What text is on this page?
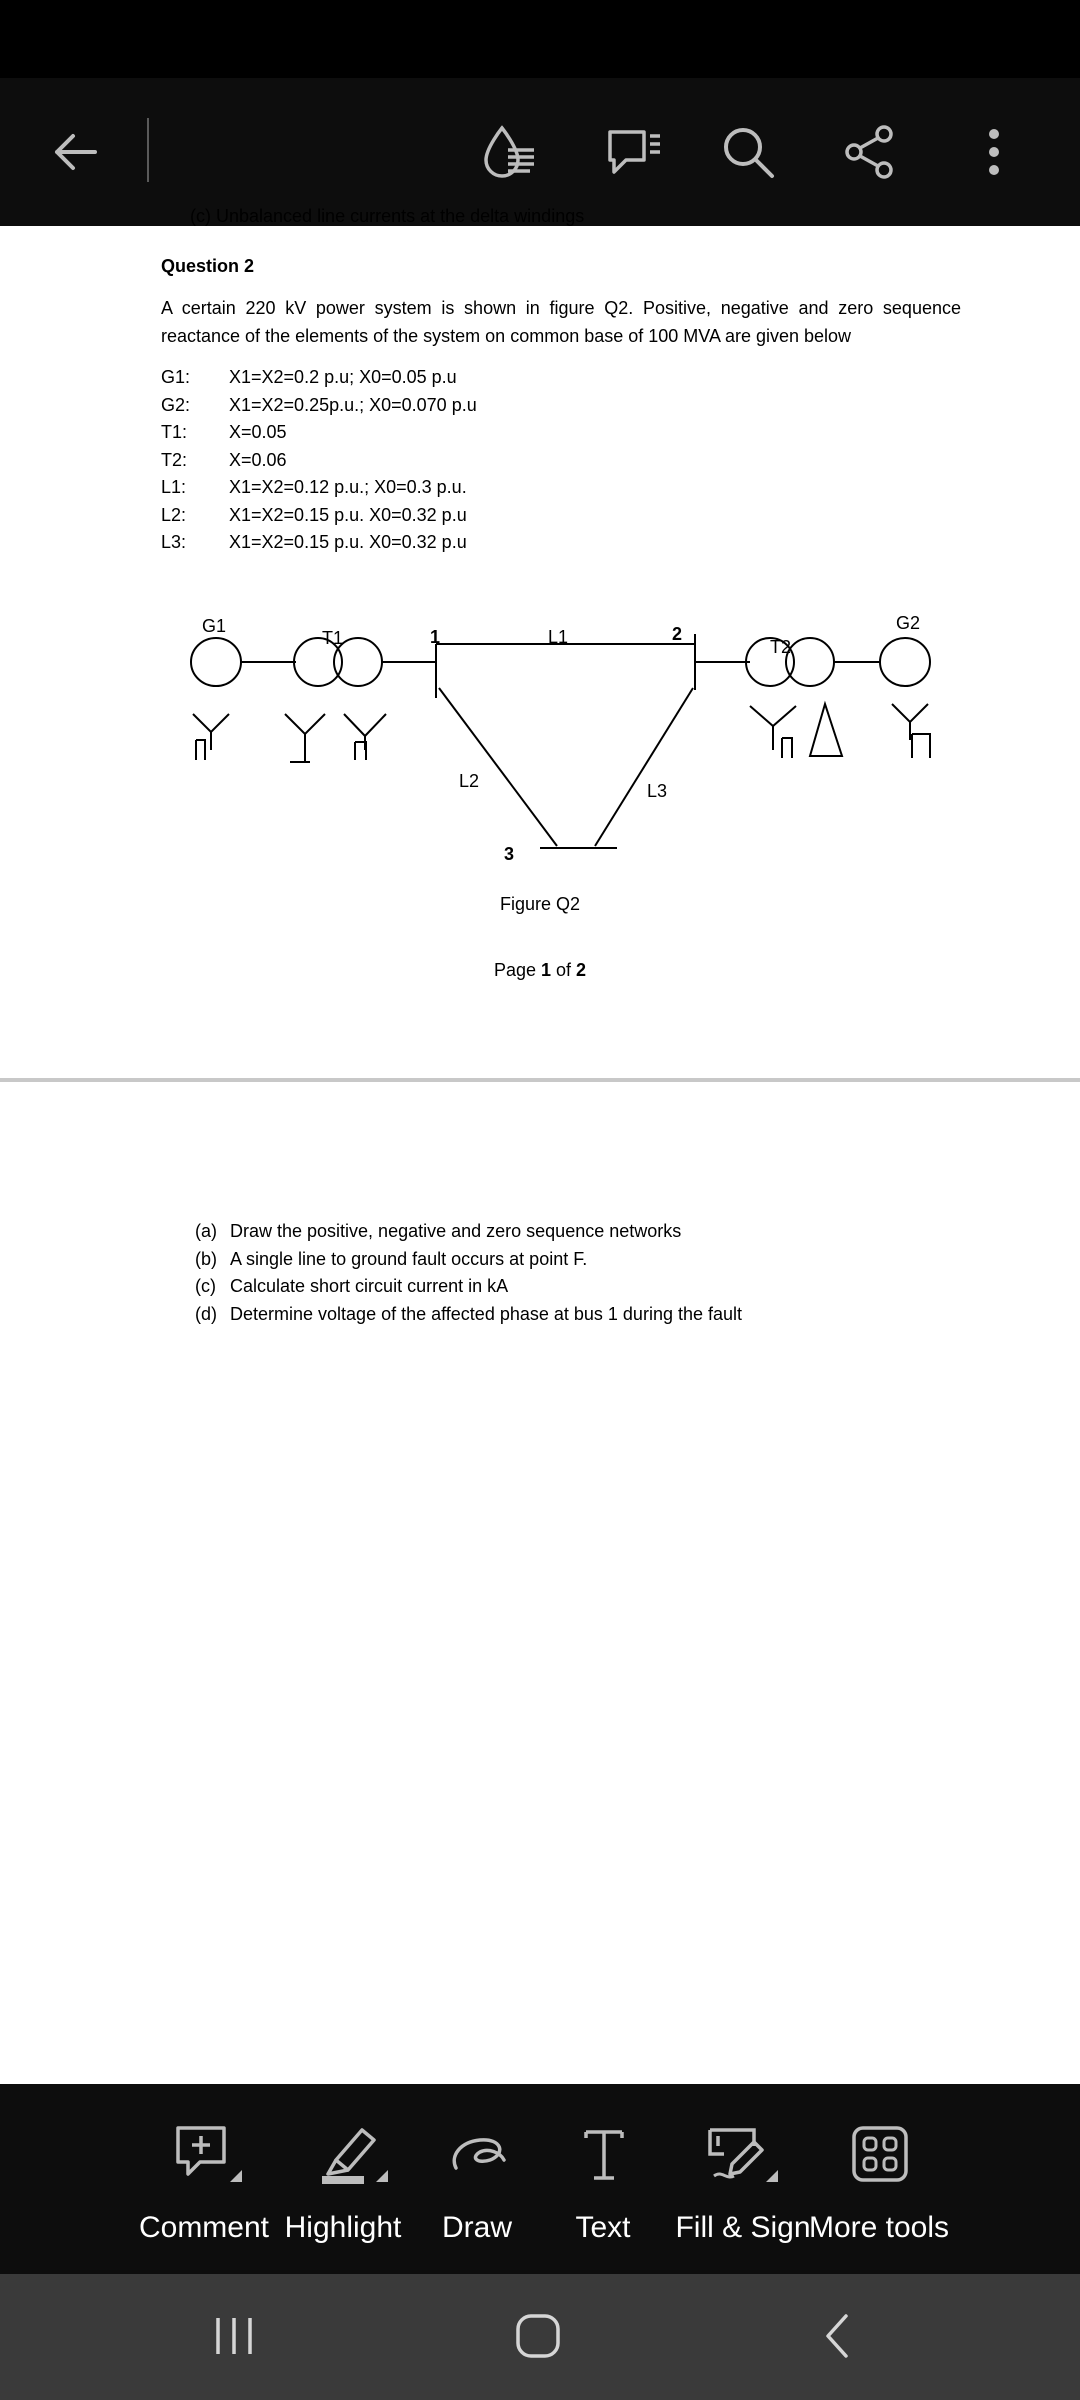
(c) Unbalanced line currents at the delta windings
Question 2
A certain 220 kV power system is shown in figure Q2. Positive, negative and zero sequence reactance of the elements of the system on common base of 100 MVA are given below
G1: X1=X2=0.2 p.u; X0=0.05 p.u
G2: X1=X2=0.25p.u.; X0=0.070 p.u
T1: X=0.05
T2: X=0.06
L1: X1=X2=0.12 p.u.; X0=0.3 p.u.
L2: X1=X2=0.15 p.u. X0=0.32 p.u
L3: X1=X2=0.15 p.u. X0=0.32 p.u
G1
T1	1	L1	2
T2
G2
L2	L3
3
Figure Q2
Page 1 of 2
(a) Draw the positive, negative and zero sequence networks
(b) A single line to ground fault occurs at point F.
(c) Calculate short circuit current in kA
(d) Determine voltage of the affected phase at bus 1 during the fault
Comment Highlight	Draw	Text	Fill & Sign
More tools
